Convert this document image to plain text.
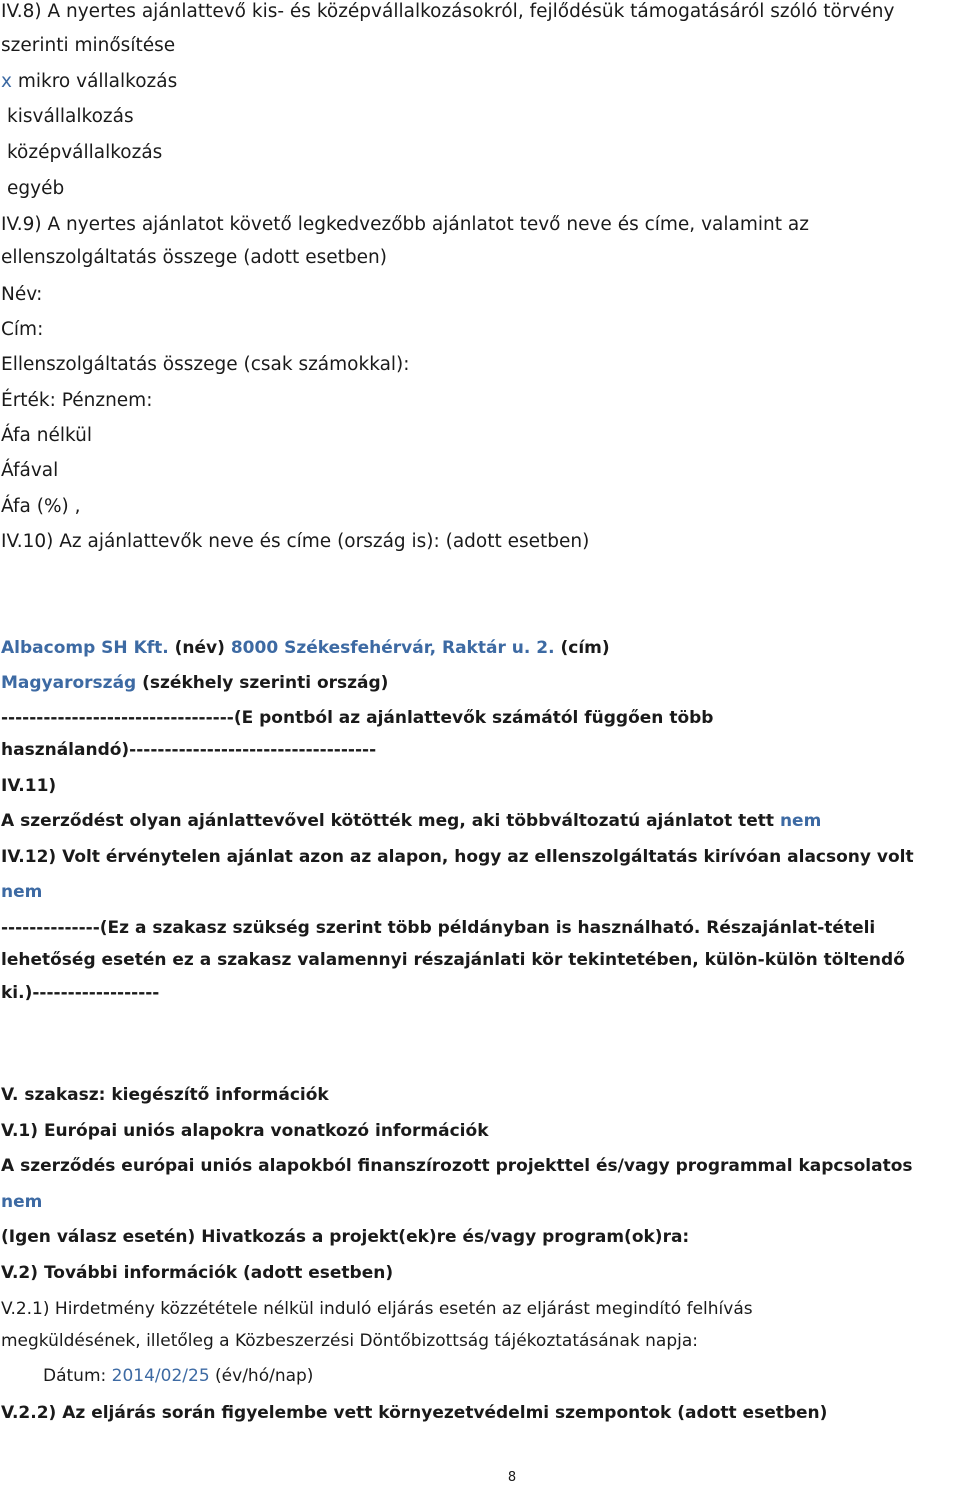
IV.8) A nyertes ajánlattevő kis- és középvállalkozásokról, fejlődésük támogatásáról szóló törvény
szerinti minősítése
x mikro vállalkozás
kisvállalkozás
középvállalkozás
egyéb
IV.9) A nyertes ajánlatot követő legkedvezőbb ajánlatot tevő neve és címe, valamint az
ellenszolgáltatás összege (adott esetben)
Név:
Cím:
Ellenszolgáltatás összege (csak számokkal):
Érték: Pénznem:
Áfa nélkül
Áfával
Áfa (%) ,
IV.10) Az ajánlattevők neve és címe (ország is): (adott esetben)
Albacomp SH Kft. (név) 8000 Székesfehérvár, Raktár u. 2. (cím)
Magyarország (székhely szerinti ország)
---------------------------------(E pontból az ajánlattevők számától függően több
használandó)-----------------------------------
IV.11)
A szerződést olyan ajánlattevővel kötötték meg, aki többváltozatú ajánlatot tett nem
IV.12) Volt érvénytelen ajánlat azon az alapon, hogy az ellenszolgáltatás kirívóan alacsony volt
nem
--------------(Ez a szakasz szükség szerint több példányban is használható. Részajánlat-tételi
lehetőség esetén ez a szakasz valamennyi részajánlati kör tekintetében, külön-külön töltendő
ki.)------------------
V. szakasz: kiegészítő információk
V.1) Európai uniós alapokra vonatkozó információk
A szerződés európai uniós alapokból finanszírozott projekttel és/vagy programmal kapcsolatos
nem
(Igen válasz esetén) Hivatkozás a projekt(ek)re és/vagy program(ok)ra:
V.2) További információk (adott esetben)
V.2.1) Hirdetmény közzététele nélkül induló eljárás esetén az eljárást megindító felhívás
megküldésének, illetőleg a Közbeszerzési Döntőbizottság tájékoztatásának napja:
Dátum: 2014/02/25 (év/hó/nap)
V.2.2) Az eljárás során figyelembe vett környezetvédelmi szempontok (adott esetben)
8
